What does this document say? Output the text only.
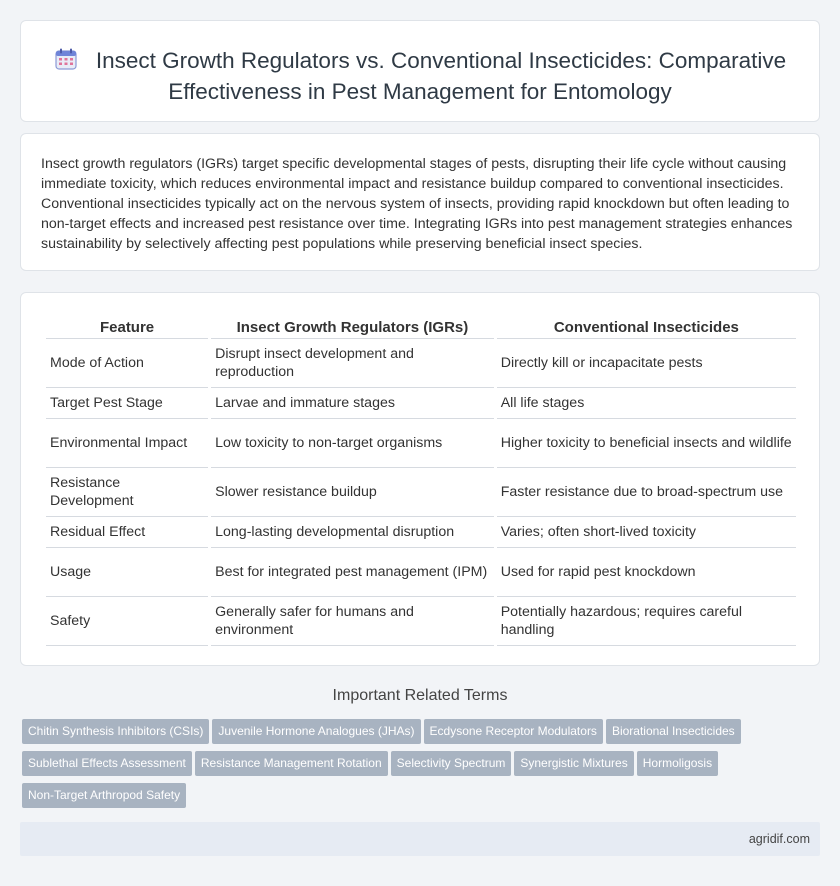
Insect Growth Regulators vs. Conventional Insecticides: Comparative Effectiveness in Pest Management for Entomology

Insect growth regulators (IGRs) target specific developmental stages of pests, disrupting their life cycle without causing immediate toxicity, which reduces environmental impact and resistance buildup compared to conventional insecticides. Conventional insecticides typically act on the nervous system of insects, providing rapid knockdown but often leading to non-target effects and increased pest resistance over time. Integrating IGRs into pest management strategies enhances sustainability by selectively affecting pest populations while preserving beneficial insect species.

Feature	Insect Growth Regulators (IGRs)	Conventional Insecticides
Mode of Action	Disrupt insect development and reproduction	Directly kill or incapacitate pests
Target Pest Stage	Larvae and immature stages	All life stages
Environmental Impact	Low toxicity to non-target organisms	Higher toxicity to beneficial insects and wildlife
Resistance Development	Slower resistance buildup	Faster resistance due to broad-spectrum use
Residual Effect	Long-lasting developmental disruption	Varies; often short-lived toxicity
Usage	Best for integrated pest management (IPM)	Used for rapid pest knockdown
Safety	Generally safer for humans and environment	Potentially hazardous; requires careful handling
Important Related Terms
Chitin Synthesis Inhibitors (CSIs) Juvenile Hormone Analogues (JHAs) Ecdysone Receptor Modulators Biorational Insecticides
Sublethal Effects Assessment Resistance Management Rotation Selectivity Spectrum Synergistic Mixtures Hormoligosis
Non-Target Arthropod Safety
agridif.com
